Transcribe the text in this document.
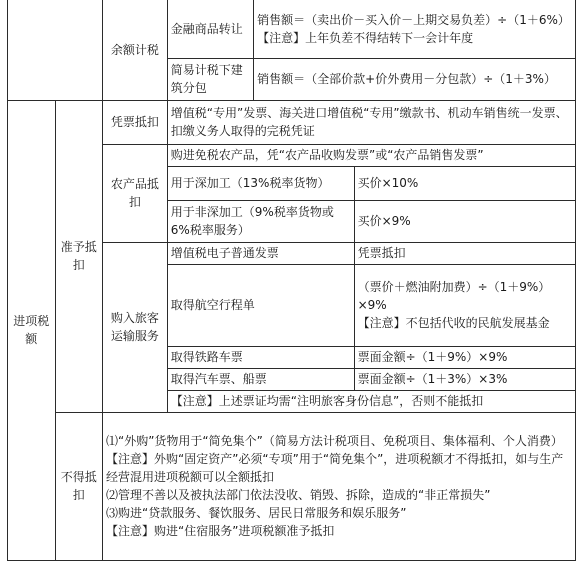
		余额计税	金融商品转让	销售额＝（卖出价－买入价－上期交易负差）÷（1＋6%）
【注意】上年负差不得结转下一会计年度	

			简易计税下建筑分包	销售额＝（全部价款+价外费用－分包款）÷（1＋3%）	
进项税额	准予抵扣	凭票抵扣	增值税“专用”发票、海关进口增值税“专用”缴款书、机动车销售统一发票、扣缴义务人取得的完税凭证		
		农产品抵扣	购进免税农产品，凭“农产品收购发票”或“农产品销售发票”		
			用于深加工（13%税率货物）		买价×10%
			用于非深加工（9%税率货物或6%税率服务）		买价×9%
		购入旅客运输服务	增值税电子普通发票		凭票抵扣
			取得航空行程单		（票价＋燃油附加费）÷（1＋9%）×9%
【注意】不包括代收的民航发展基金

			取得铁路车票		票面金额÷（1＋9%）×9%
			取得汽车票、船票		票面金额÷（1＋3%）×3%
			【注意】上述票证均需“注明旅客身份信息”，否则不能抵扣		
	不得抵扣	⑴“外购”货物用于“简免集个”（简易方法计税项目、免税项目、集体福利、个人消费）
【注意】外购“固定资产”必须“专项”用于“简免集个”，进项税额才不得抵扣，如与生产经营混用进项税额可以全额抵扣
⑵管理不善以及被执法部门依法没收、销毁、拆除，造成的“非正常损失”
⑶购进“贷款服务、餐饮服务、居民日常服务和娱乐服务”
【注意】购进“住宿服务”进项税额准予抵扣			
